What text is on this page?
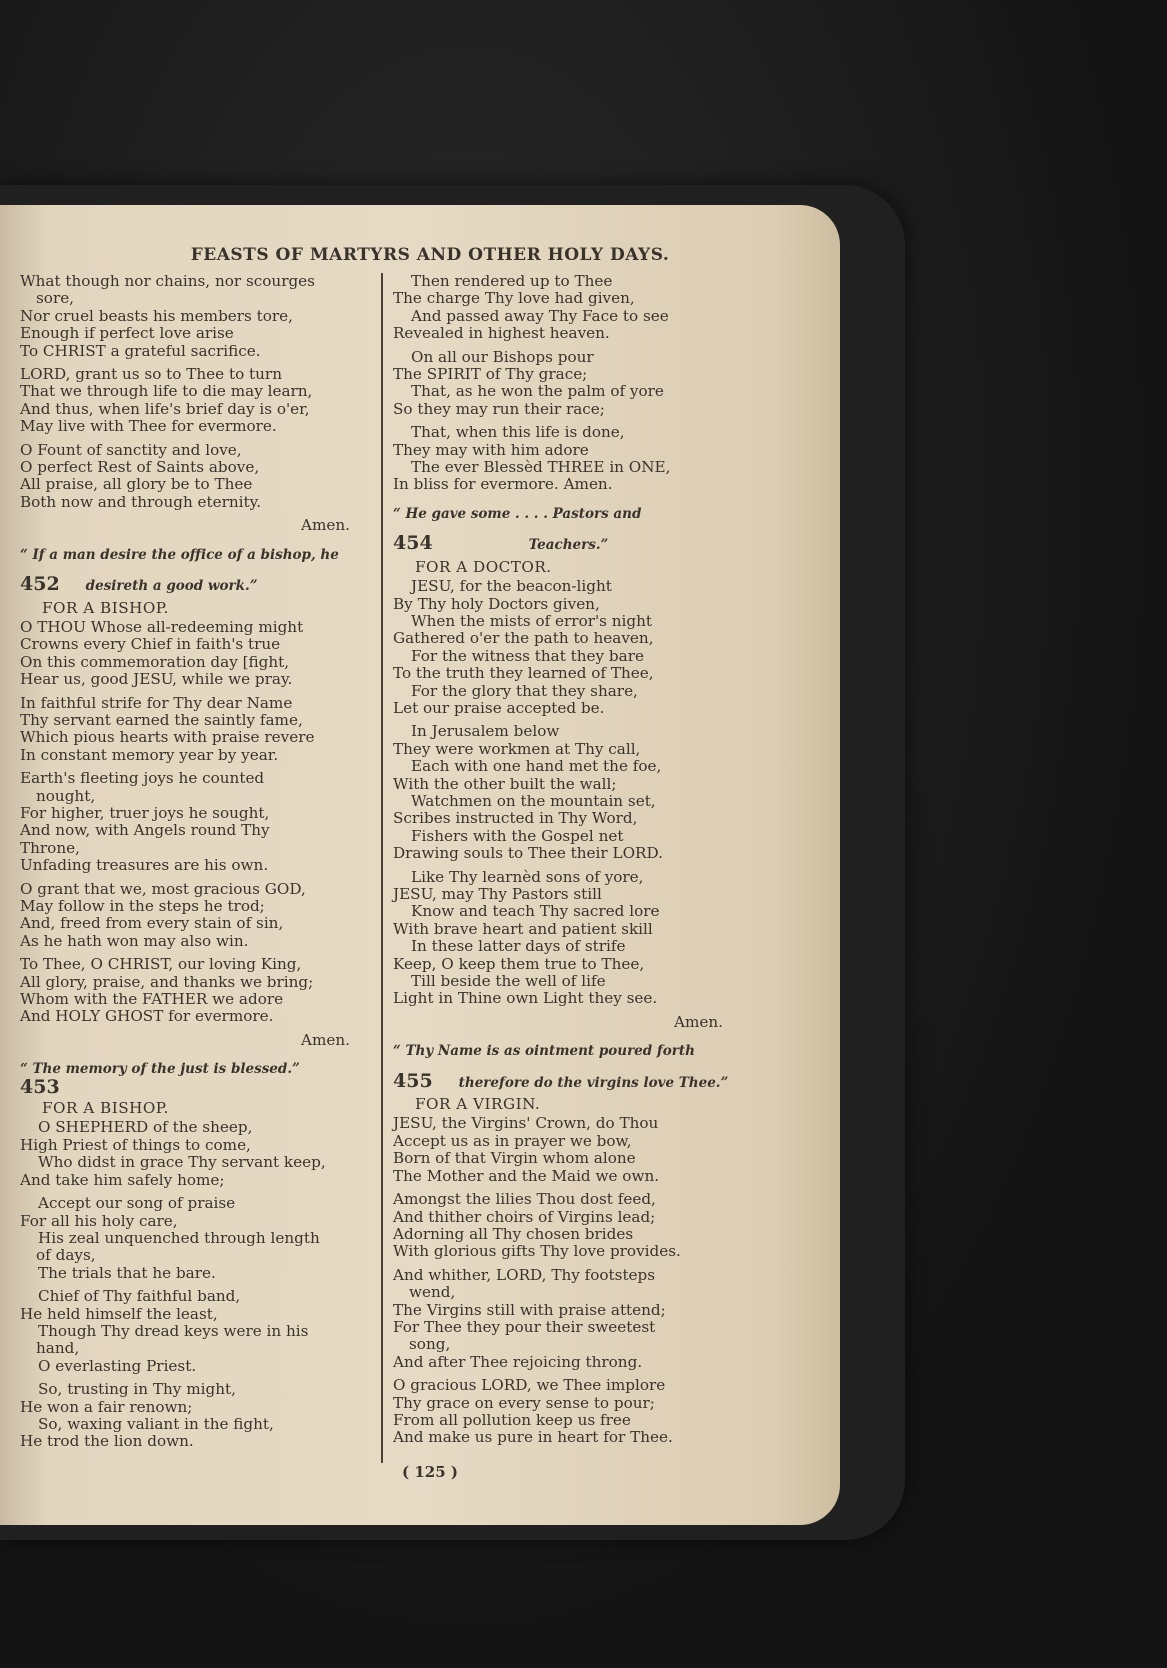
FEASTS OF MARTYRS AND OTHER HOLY DAYS.
What though nor chains, nor scourges
sore,
Nor cruel beasts his members tore,
Enough if perfect love arise
To CHRIST a grateful sacrifice.
LORD, grant us so to Thee to turn
That we through life to die may learn,
And thus, when life's brief day is o'er,
May live with Thee for evermore.
O Fount of sanctity and love,
O perfect Rest of Saints above,
All praise, all glory be to Thee
Both now and through eternity.
Amen.
“ If a man desire the office of a bishop, he
452 desireth a good work.”
FOR A BISHOP.
O THOU Whose all-redeeming might
Crowns every Chief in faith's true
On this commemoration day [fight,
Hear us, good JESU, while we pray.
In faithful strife for Thy dear Name
Thy servant earned the saintly fame,
Which pious hearts with praise revere
In constant memory year by year.
Earth's fleeting joys he counted
nought,
For higher, truer joys he sought,
And now, with Angels round Thy
Throne,
Unfading treasures are his own.
O grant that we, most gracious GOD,
May follow in the steps he trod;
And, freed from every stain of sin,
As he hath won may also win.
To Thee, O CHRIST, our loving King,
All glory, praise, and thanks we bring;
Whom with the FATHER we adore
And HOLY GHOST for evermore.
Amen.
“ The memory of the just is blessed.”
453
FOR A BISHOP.
O SHEPHERD of the sheep,
High Priest of things to come,
Who didst in grace Thy servant keep,
And take him safely home;
Accept our song of praise
For all his holy care,
His zeal unquenched through length
of days,
The trials that he bare.
Chief of Thy faithful band,
He held himself the least,
Though Thy dread keys were in his
hand,
O everlasting Priest.
So, trusting in Thy might,
He won a fair renown;
So, waxing valiant in the fight,
He trod the lion down.
Then rendered up to Thee
The charge Thy love had given,
And passed away Thy Face to see
Revealed in highest heaven.
On all our Bishops pour
The SPIRIT of Thy grace;
That, as he won the palm of yore
So they may run their race;
That, when this life is done,
They may with him adore
The ever Blessèd THREE in ONE,
In bliss for evermore. Amen.
“ He gave some . . . . Pastors and
454	Teachers.”
FOR A DOCTOR.
JESU, for the beacon-light
By Thy holy Doctors given,
When the mists of error's night
Gathered o'er the path to heaven,
For the witness that they bare
To the truth they learned of Thee,
For the glory that they share,
Let our praise accepted be.
In Jerusalem below
They were workmen at Thy call,
Each with one hand met the foe,
With the other built the wall;
Watchmen on the mountain set,
Scribes instructed in Thy Word,
Fishers with the Gospel net
Drawing souls to Thee their LORD.
Like Thy learnèd sons of yore,
JESU, may Thy Pastors still
Know and teach Thy sacred lore
With brave heart and patient skill
In these latter days of strife
Keep, O keep them true to Thee,
Till beside the well of life
Light in Thine own Light they see.
Amen.
“ Thy Name is as ointment poured forth
455 therefore do the virgins love Thee.”
FOR A VIRGIN.
JESU, the Virgins' Crown, do Thou
Accept us as in prayer we bow,
Born of that Virgin whom alone
The Mother and the Maid we own.
Amongst the lilies Thou dost feed,
And thither choirs of Virgins lead;
Adorning all Thy chosen brides
With glorious gifts Thy love provides.
And whither, LORD, Thy footsteps
wend,
The Virgins still with praise attend;
For Thee they pour their sweetest
song,
And after Thee rejoicing throng.
O gracious LORD, we Thee implore
Thy grace on every sense to pour;
From all pollution keep us free
And make us pure in heart for Thee.
( 125 )
